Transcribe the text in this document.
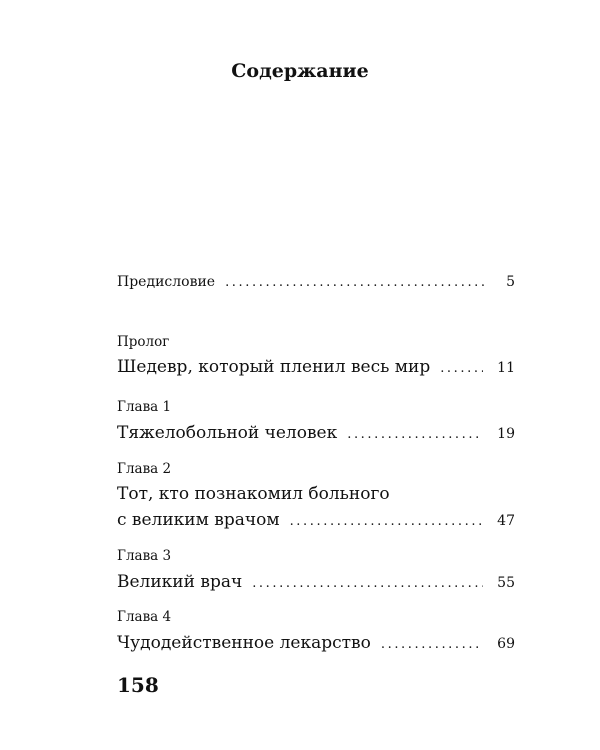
Содержание
Предисловие .....	5
Пролог
Шедевр, который пленил весь мир .....	11
Глава 1
Тяжелобольной человек .....	19
Глава 2
Тот, кто познакомил больного
с великим врачом .....	47
Глава 3
Великий врач .....	55
Глава 4
Чудодейственное лекарство .....	69
158
